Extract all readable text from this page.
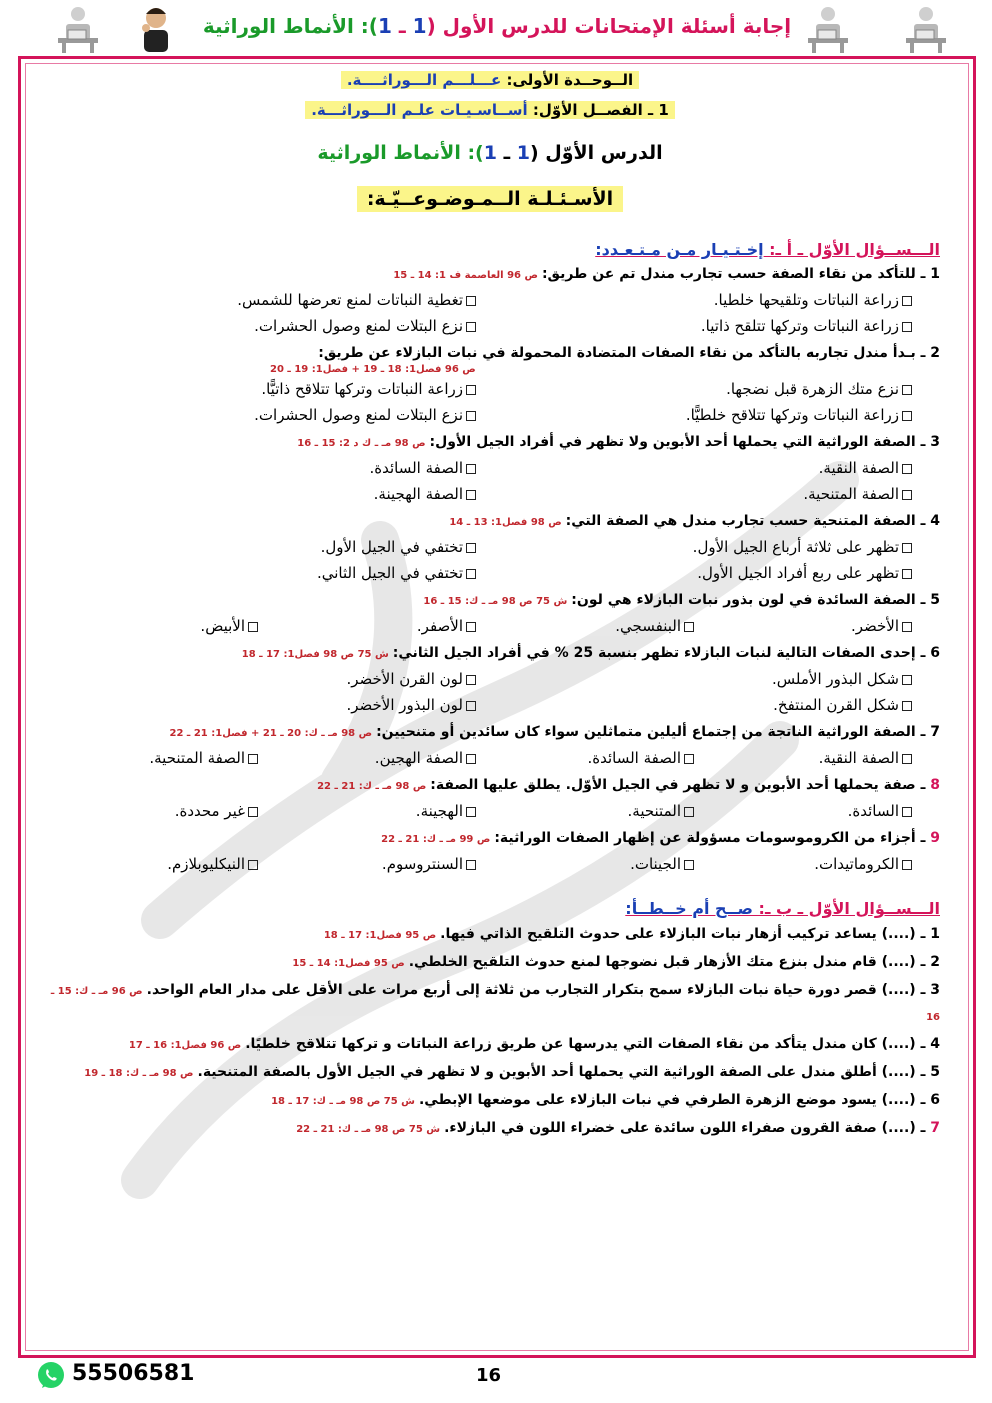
إجابة أسئلة الإمتحانات للدرس الأول (1 ـ 1): الأنماط الوراثية
الــوحــدة الأولى: عـــلـــم الـــوراثــــة.
1 ـ الفصــل الأوّل: أســاسـيـات علـم الـــوراثـــة.
الدرس الأوّل (1 ـ 1): الأنماط الوراثية
الأسـئـلـة الــمـوضـوعــيّـة:
الـــســؤال الأوّل ـ أ ـ: إخـتـيـار مـن مـتـعـدد:
1 ـ للتأكد من نقاء الصفة حسب تجارب مندل تم عن طريق:ص 96 العاصمة ف 1: 14 ـ 15
زراعة النباتات وتلقيحها خلطيا.
تغطية النباتات لمنع تعرضها للشمس.
زراعة النباتات وتركها تتلقح ذاتيا.
نزع البتلات لمنع وصول الحشرات.
2 ـ بـدأ مندل تجاربه بالتأكد من نقاء الصفات المتضادة المحمولة في نبات البازلاء عن طريق:
ص 96 فصل1: 18 ـ 19 + فصل1: 19 ـ 20
نزع متك الزهرة قبل نضجها.
زراعة النباتات وتركها تتلاقح ذاتيًّا.
زراعة النباتات وتركها تتلاقح خلطيًّا.
نزع البتلات لمنع وصول الحشرات.
3 ـ الصفة الوراثية التي يحملها أحد الأبوين ولا تظهر في أفراد الجيل الأول:ص 98 مـ ـ ك د 2: 15 ـ 16
الصفة النقية.
الصفة السائدة.
الصفة المتنحية.
الصفة الهجينة.
4 ـ الصفة المتنحية حسب تجارب مندل هي الصفة التي:ص 98 فصل1: 13 ـ 14
تظهر على ثلاثة أرباع الجيل الأول.
تختفي في الجيل الأول.
تظهر على ربع أفراد الجيل الأول.
تختفي في الجيل الثاني.
5 ـ الصفة السائدة في لون بذور نبات البازلاء هي لون:ش 75 ص 98 مـ ـ ك: 15 ـ 16
الأخضر.
البنفسجي.
الأصفر.
الأبيض.
6 ـ إحدى الصفات التالية لنبات البازلاء تظهر بنسبة 25 % في أفراد الجيل الثاني:ش 75 ص 98 فصل1: 17 ـ 18
شكل البذور الأملس.
لون القرن الأخضر.
شكل القرن المنتفخ.
لون البذور الأخضر.
7 ـ الصفة الوراثية الناتجة من إجتماع أليلين متماثلين سواء كان سائدين أو متنحيين:ص 98 مـ ـ ك: 20 ـ 21 + فصل1: 21 ـ 22
الصفة النقية.
الصفة السائدة.
الصفة الهجين.
الصفة المتنحية.
8 ـ صفة يحملها أحد الأبوين و لا تظهر في الجيل الأوّل. يطلق عليها الصفة:ص 98 مـ ـ ك: 21 ـ 22
السائدة.
المتنحية.
الهجينة.
غير محددة.
9 ـ أجزاء من الكروموسومات مسؤولة عن إظهار الصفات الوراثية:ص 99 مـ ـ ك: 21 ـ 22
الكروماتيدات.
الجينات.
السنتروسوم.
النيكليوبلازم.
الـــســؤال الأوّل ـ ب ـ: صــح أم خــطــأ:
1 ـ (....) يساعد تركيب أزهار نبات البازلاء على حدوث التلقيح الذاتي فيها.ص 95 فصل1: 17 ـ 18
2 ـ (....) قام مندل بنزع متك الأزهار قبل نضوجها لمنع حدوث التلقيح الخلطي.ص 95 فصل1: 14 ـ 15
3 ـ (....) قصر دورة حياة نبات البازلاء سمح بتكرار التجارب من ثلاثة إلى أربع مرات على الأقل على مدار العام الواحد.ص 96 مـ ـ ك: 15 ـ 16
4 ـ (....) كان مندل يتأكد من نقاء الصفات التي يدرسها عن طريق زراعة النباتات و تركها تتلاقح خلطيًا.ص 96 فصل1: 16 ـ 17
5 ـ (....) أطلق مندل على الصفة الوراثية التي يحملها أحد الأبوين و لا تظهر في الجيل الأول بالصفة المتنحية.ص 98 مـ ـ ك: 18 ـ 19
6 ـ (....) يسود موضع الزهرة الطرفي في نبات البازلاء على موضعها الإبطي.ش 75 ص 98 مـ ـ ك: 17 ـ 18
7 ـ (....) صفة القرون صفراء اللون سائدة على خضراء اللون في البازلاء.ش 75 ص 98 مـ ـ ك: 21 ـ 22
55506581	16
